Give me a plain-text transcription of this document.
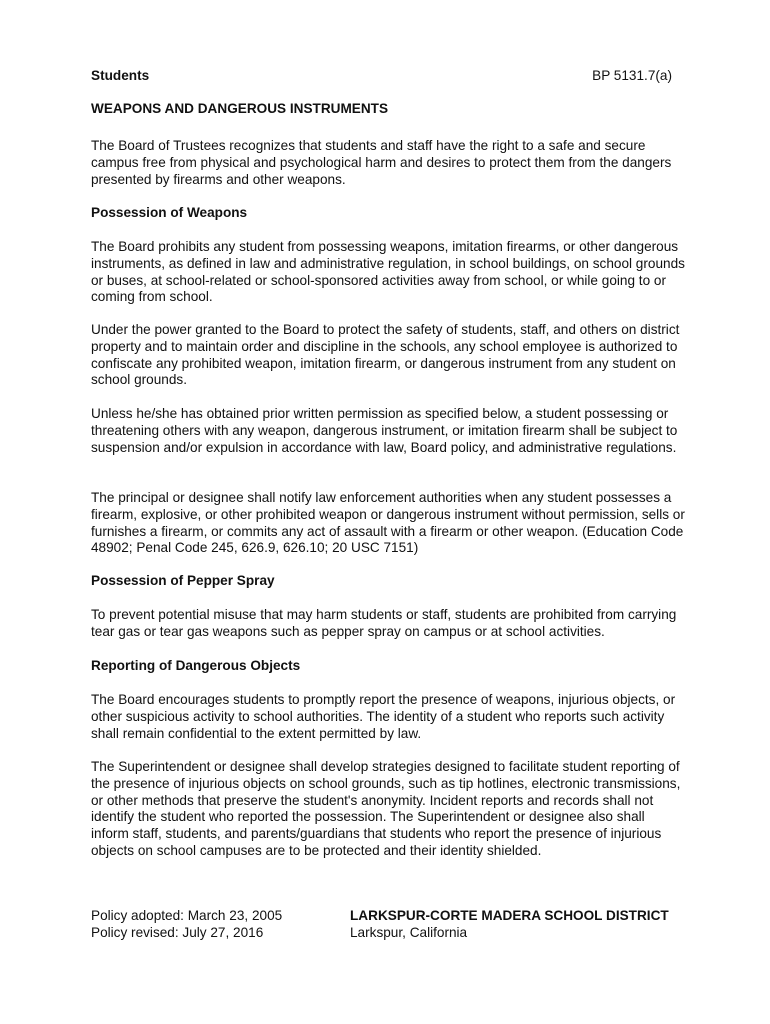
Students	BP 5131.7(a)

WEAPONS AND DANGEROUS INSTRUMENTS

The Board of Trustees recognizes that students and staff have the right to a safe and secure campus free from physical and psychological harm and desires to protect them from the dangers presented by firearms and other weapons.

Possession of Weapons

The Board prohibits any student from possessing weapons, imitation firearms, or other dangerous instruments, as defined in law and administrative regulation, in school buildings, on school grounds or buses, at school-related or school-sponsored activities away from school, or while going to or coming from school.

Under the power granted to the Board to protect the safety of students, staff, and others on district property and to maintain order and discipline in the schools, any school employee is authorized to confiscate any prohibited weapon, imitation firearm, or dangerous instrument from any student on school grounds.

Unless he/she has obtained prior written permission as specified below, a student possessing or threatening others with any weapon, dangerous instrument, or imitation firearm shall be subject to suspension and/or expulsion in accordance with law, Board policy, and administrative regulations.

The principal or designee shall notify law enforcement authorities when any student possesses a firearm, explosive, or other prohibited weapon or dangerous instrument without permission, sells or furnishes a firearm, or commits any act of assault with a firearm or other weapon. (Education Code 48902; Penal Code 245, 626.9, 626.10; 20 USC 7151)

Possession of Pepper Spray

To prevent potential misuse that may harm students or staff, students are prohibited from carrying tear gas or tear gas weapons such as pepper spray on campus or at school activities.

Reporting of Dangerous Objects

The Board encourages students to promptly report the presence of weapons, injurious objects, or other suspicious activity to school authorities. The identity of a student who reports such activity shall remain confidential to the extent permitted by law.

The Superintendent or designee shall develop strategies designed to facilitate student reporting of the presence of injurious objects on school grounds, such as tip hotlines, electronic transmissions, or other methods that preserve the student's anonymity. Incident reports and records shall not identify the student who reported the possession. The Superintendent or designee also shall inform staff, students, and parents/guardians that students who report the presence of injurious objects on school campuses are to be protected and their identity shielded.

Policy adopted: March 23, 2005
Policy revised: July 27, 2016
LARKSPUR-CORTE MADERA SCHOOL DISTRICT
Larkspur, California
